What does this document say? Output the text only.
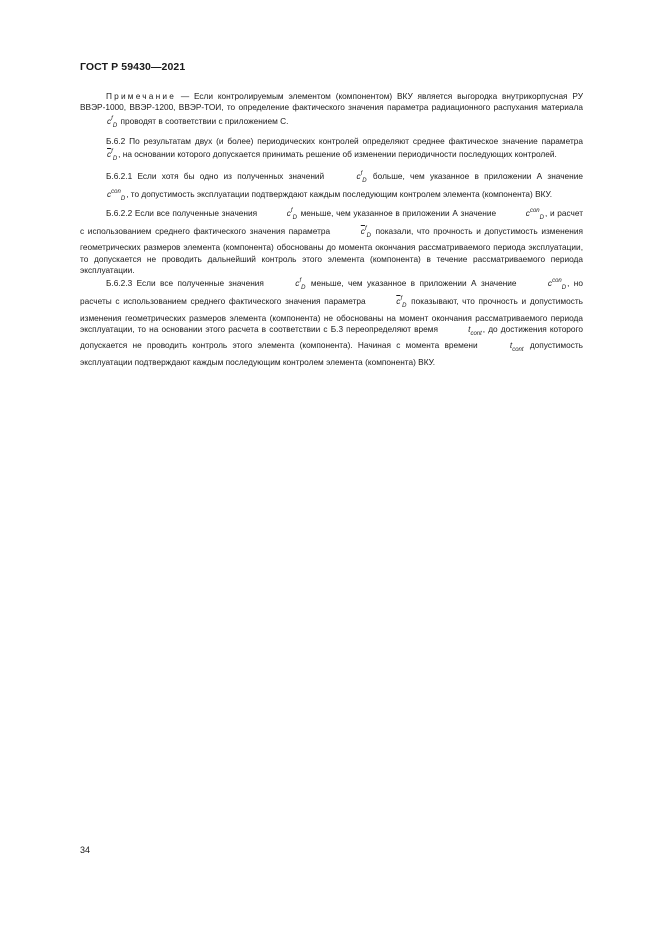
ГОСТ Р 59430—2021

Примечание — Если контролируемым элементом (компонентом) ВКУ является выгородка внутрикорпусная РУ ВВЭР-1000, ВВЭР-1200, ВВЭР-ТОИ, то определение фактического значения параметра радиационного распухания материала $c^f_D$ проводят в соответствии с приложением С.

Б.6.2 По результатам двух (и более) периодических контролей определяют среднее фактическое значение параметра $\overline{c}^f_D$, на основании которого допускается принимать решение об изменении периодичности последующих контролей.

Б.6.2.1 Если хотя бы одно из полученных значений	$c^f_D$ больше, чем указанное в приложении А значение $c^{con}_D$, то допустимость эксплуатации подтверждают каждым последующим контролем элемента (компонента) ВКУ.

Б.6.2.2 Если все полученные значения	$c^f_D$ меньше, чем указанное в приложении А значение	$c^{con}_D$, и расчет с использованием среднего фактического значения параметра	$\overline{c}^f_D$ показали, что прочность и допустимость изменения геометрических размеров элемента (компонента) обоснованы до момента окончания рассматриваемого периода эксплуатации, то допускается не проводить дальнейший контроль этого элемента (компонента) в течение рассматриваемого периода эксплуатации.

Б.6.2.3 Если все полученные значения	$c^f_D$ меньше, чем указанное в приложении А значение	$c^{con}_D$, но расчеты с использованием среднего фактического значения параметра	$\overline{c}^f_D$ показывают, что прочность и допустимость изменения геометрических размеров элемента (компонента) не обоснованы на момент окончания рассматриваемого периода эксплуатации, то на основании этого расчета в соответствии с Б.3 переопределяют время	$t_{cont}$, до достижения которого допускается не проводить контроль этого элемента (компонента). Начиная с момента времени	$t_{cont}$ допустимость эксплуатации подтверждают каждым последующим контролем элемента (компонента) ВКУ.

34
